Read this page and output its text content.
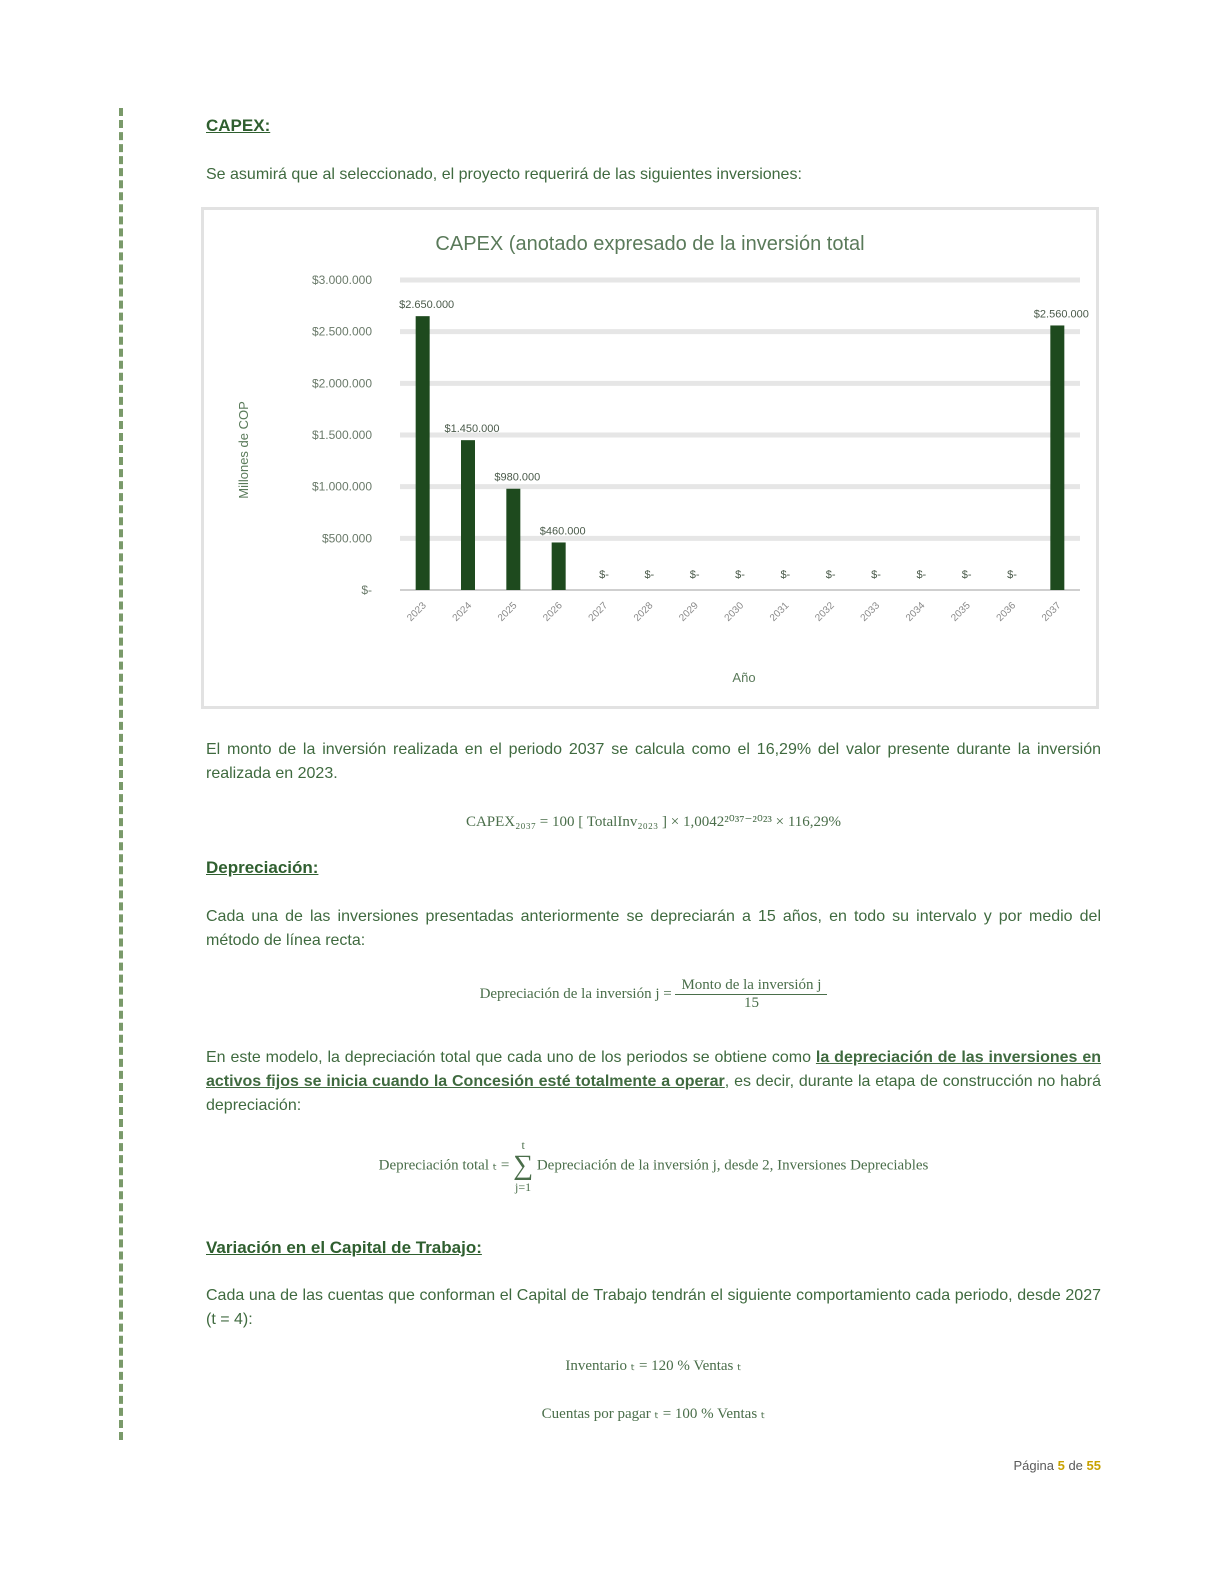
CAPEX:

Se asumirá que al seleccionado, el proyecto requerirá de las siguientes inversiones:

El monto de la inversión realizada en el periodo 2037 se calcula como el 16,29% del valor presente durante la inversión realizada en 2023.

CAPEX₂₀₃₇ = 100 [ TotalInv₂₀₂₃ ] × 1,0042²⁰³⁷⁻²⁰²³ × 116,29%
Depreciación:

Cada una de las inversiones presentadas anteriormente se depreciarán a 15 años, en todo su intervalo y por medio del método de línea recta:

Depreciación de la inversión $j = \frac{\text{Monto de la inversión j}}{15}$

En este modelo, la depreciación total que cada uno de los periodos se obtiene como la depreciación de las inversiones en activos fijos se inicia cuando la Concesión esté totalmente a operar, es decir, durante la etapa de construcción no habrá depreciación:

Depreciación total ₜ = t
∑
j=1 Depreciación de la inversión j, desde 2, Inversiones Depreciables
Variación en el Capital de Trabajo:

Cada una de las cuentas que conforman el Capital de Trabajo tendrán el siguiente comportamiento cada periodo, desde 2027 (t = 4):

Inventario ₜ = 120 % Ventas ₜ
Cuentas por pagar ₜ = 100 % Ventas ₜ
CAPEX (anotado expresado de la inversión total
Millones de COP
Año
$3.000.000
$2.500.000
$2.000.000
$1.500.000
$1.000.000
$500.000
$-
$2.650.000
$1.450.000
$980.000
$460.000
$-	$-	$-	$-	$-	$-	$-	$-	$-	$-
$2.560.000
2023 2024 2025 2026 2027 2028 2029 2030 2031 2032 2033 2034 2035 2036 2037
Página 5 de 55
